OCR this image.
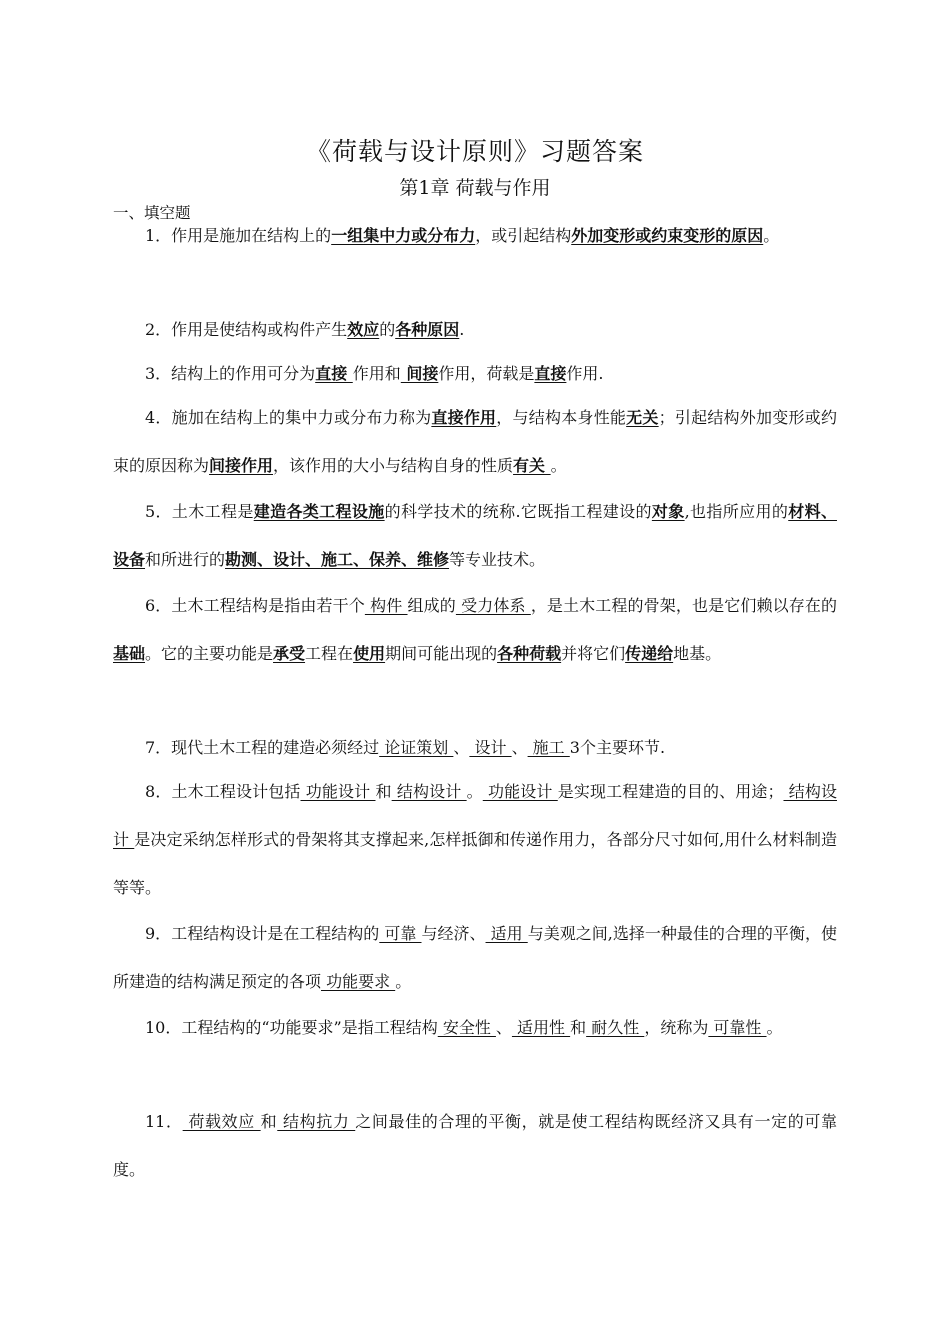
《荷载与设计原则》习题答案
第1章 荷载与作用
一、填空题

1．作用是施加在结构上的一组集中力或分布力，或引起结构外加变形或约束变形的原因。

2．作用是使结构或构件产生效应的各种原因.

3．结构上的作用可分为直接 作用和 间接作用，荷载是直接作用.

4．施加在结构上的集中力或分布力称为直接作用，与结构本身性能无关；引起结构外加变形或约束的原因称为间接作用，该作用的大小与结构自身的性质有关 。

5．土木工程是建造各类工程设施的科学技术的统称.它既指工程建设的对象,也指所应用的材料、设备和所进行的勘测、设计、施工、保养、维修等专业技术。

6．土木工程结构是指由若干个 构件 组成的 受力体系 ，是土木工程的骨架，也是它们赖以存在的基础。它的主要功能是承受工程在使用期间可能出现的各种荷载并将它们传递给地基。

7．现代土木工程的建造必须经过 论证策划 、 设计 、 施工 3个主要环节.

8．土木工程设计包括 功能设计 和 结构设计 。 功能设计 是实现工程建造的目的、用途； 结构设计 是决定采纳怎样形式的骨架将其支撑起来,怎样抵御和传递作用力，各部分尺寸如何,用什么材料制造等等。

9．工程结构设计是在工程结构的 可靠 与经济、 适用 与美观之间,选择一种最佳的合理的平衡，使所建造的结构满足预定的各项 功能要求 。

10．工程结构的“功能要求”是指工程结构 安全性 、 适用性 和 耐久性 ，统称为 可靠性 。

11． 荷载效应 和 结构抗力 之间最佳的合理的平衡，就是使工程结构既经济又具有一定的可靠度。
